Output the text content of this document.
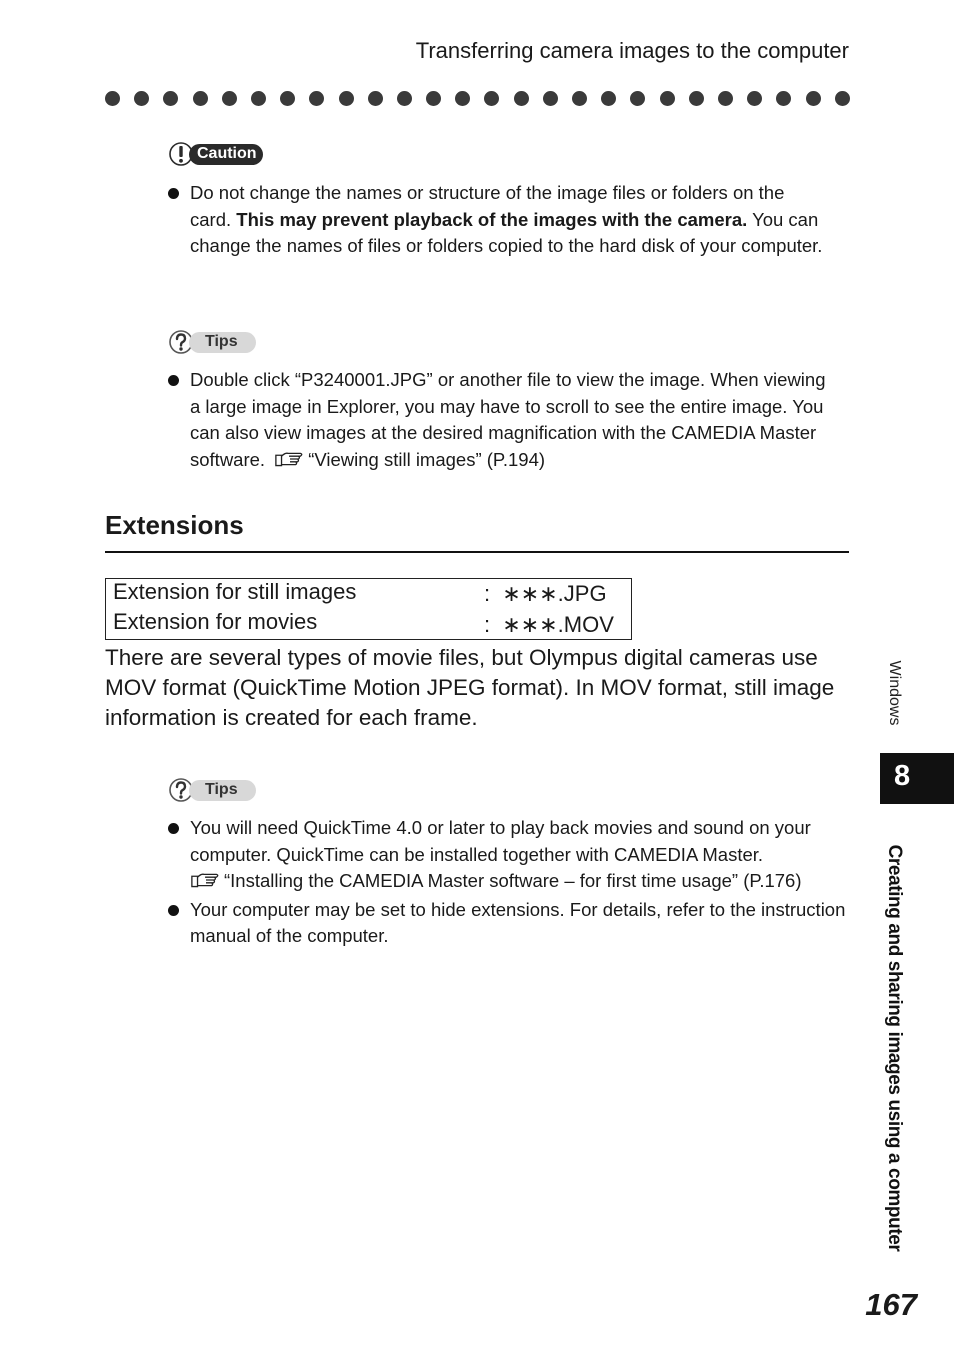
Transferring camera images to the computer
Caution
Do not change the names or structure of the image files or folders on the card. This may prevent playback of the images with the camera. You can change the names of files or folders copied to the hard disk of your computer.
Tips
Double click “P3240001.JPG” or another file to view the image. When viewing a large image in Explorer, you may have to scroll to see the entire image. You can also view images at the desired magnification with the CAMEDIA Master software. “Viewing still images” (P.194)
Extensions
Extension for still images	: ∗∗∗.JPG
Extension for movies	: ∗∗∗.MOV
There are several types of movie files, but Olympus digital cameras use MOV format (QuickTime Motion JPEG format). In MOV format, still image information is created for each frame.
Tips
You will need QuickTime 4.0 or later to play back movies and sound on your computer. QuickTime can be installed together with CAMEDIA Master.
“Installing the CAMEDIA Master software – for first time usage” (P.176)
Your computer may be set to hide extensions. For details, refer to the instruction manual of the computer.
Windows
8
Creating and sharing images using a computer
167
